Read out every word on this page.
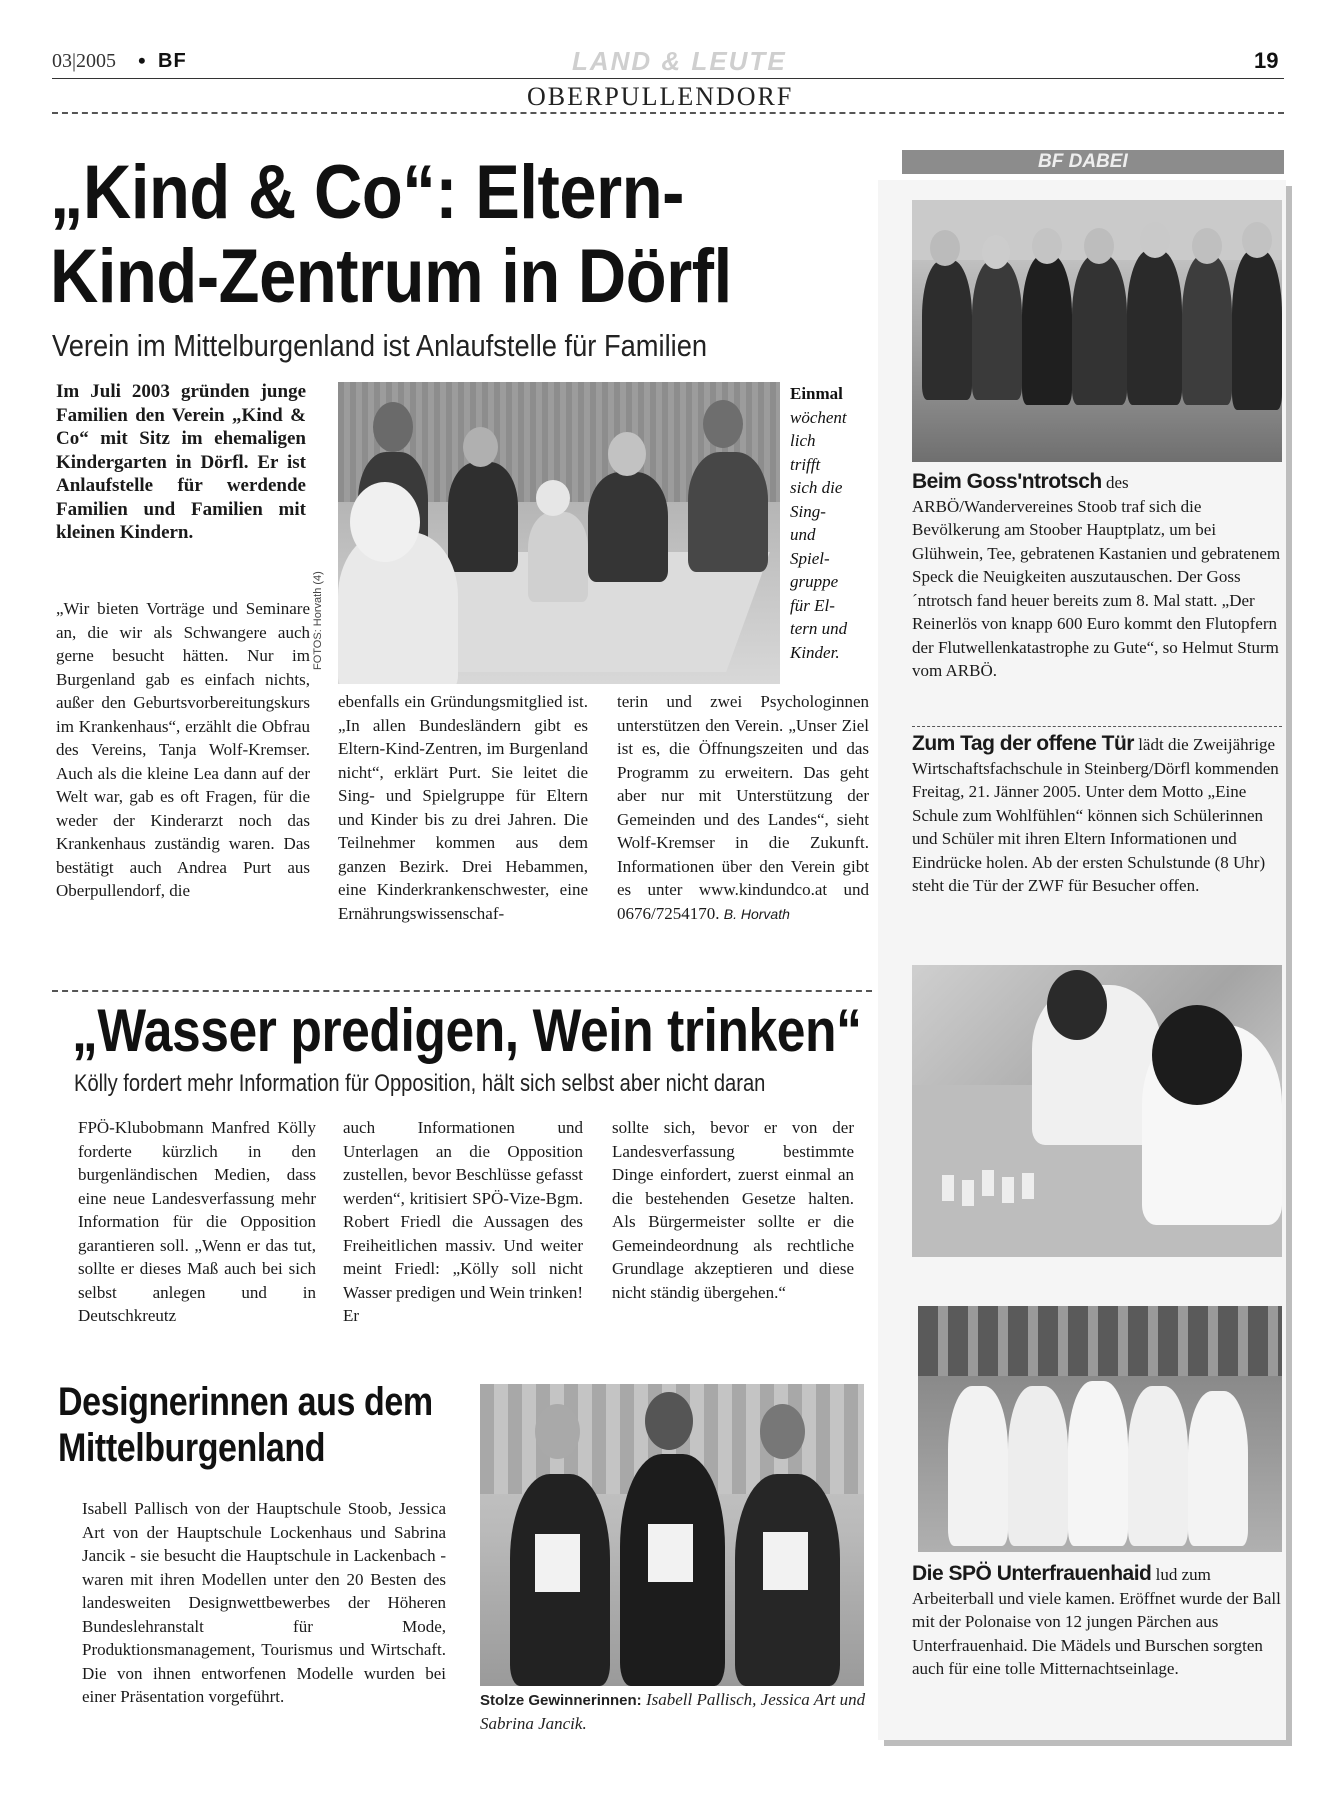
03|2005 • BF	LAND & LEUTE	19
OBERPULLENDORF
„Kind & Co“: Eltern-
Kind-Zentrum in Dörfl
Verein im Mittelburgenland ist Anlaufstelle für Familien
Im Juli 2003 gründen junge Familien den Verein „Kind & Co“ mit Sitz im ehemaligen Kindergarten in Dörfl. Er ist Anlaufstelle für werdende Familien und Familien mit kleinen Kindern.
„Wir bieten Vorträge und Seminare an, die wir als Schwangere auch gerne besucht hätten. Nur im Burgenland gab es einfach nichts, außer den Geburtsvorbereitungskurs im Krankenhaus“, erzählt die Obfrau des Vereins, Tanja Wolf-Kremser. Auch als die kleine Lea dann auf der Welt war, gab es oft Fragen, für die weder der Kinderarzt noch das Krankenhaus zuständig waren. Das bestätigt auch Andrea Purt aus Oberpullendorf, die
FOTOS: Horvath (4)
Einmal
wöchent
lich
trifft
sich die
Sing-
und
Spiel-
gruppe
für El-
tern und
Kinder.
ebenfalls ein Gründungsmitglied ist. „In allen Bundesländern gibt es Eltern-Kind-Zentren, im Burgenland nicht“, erklärt Purt. Sie leitet die Sing- und Spielgruppe für Eltern und Kinder bis zu drei Jahren. Die Teilnehmer kommen aus dem ganzen Bezirk. Drei Hebammen, eine Kinderkrankenschwester, eine Ernährungswissenschaf-
terin und zwei Psychologinnen unterstützen den Verein. „Unser Ziel ist es, die Öffnungszeiten und das Programm zu erweitern. Das geht aber nur mit Unterstützung der Gemeinden und des Landes“, sieht Wolf-Kremser in die Zukunft. Informationen über den Verein gibt es unter www.kindundco.at und 0676/7254170. B. Horvath
„Wasser predigen, Wein trinken“
Kölly fordert mehr Information für Opposition, hält sich selbst aber nicht daran
FPÖ-Klubobmann Manfred Kölly forderte kürzlich in den burgenländischen Medien, dass eine neue Landesverfassung mehr Information für die Opposition garantieren soll. „Wenn er das tut, sollte er dieses Maß auch bei sich selbst anlegen und in Deutschkreutz
auch Informationen und Unterlagen an die Opposition zustellen, bevor Beschlüsse gefasst werden“, kritisiert SPÖ-Vize-Bgm. Robert Friedl die Aussagen des Freiheitlichen massiv. Und weiter meint Friedl: „Kölly soll nicht Wasser predigen und Wein trinken! Er
sollte sich, bevor er von der Landesverfassung bestimmte Dinge einfordert, zuerst einmal an die bestehenden Gesetze halten. Als Bürgermeister sollte er die Gemeindeordnung als rechtliche Grundlage akzeptieren und diese nicht ständig übergehen.“
Designerinnen aus dem
Mittelburgenland
Isabell Pallisch von der Hauptschule Stoob, Jessica Art von der Hauptschule Lockenhaus und Sabrina Jancik - sie besucht die Hauptschule in Lackenbach - waren mit ihren Modellen unter den 20 Besten des landesweiten Designwettbewerbes der Höheren Bundeslehranstalt für Mode, Produktionsmanagement, Tourismus und Wirtschaft. Die von ihnen entworfenen Modelle wurden bei einer Präsentation vorgeführt.	Stolze Gewinnerinnen: Isabell Pallisch, Jessica Art und Sabrina Jancik.
BF DABEI
Beim Goss'ntrotsch des ARBÖ/Wandervereines Stoob traf sich die Bevölkerung am Stoober Hauptplatz, um bei Glühwein, Tee, gebratenen Kastanien und gebratenem Speck die Neuigkeiten auszutauschen. Der Goss´ntrotsch fand heuer bereits zum 8. Mal statt. „Der Reinerlös von knapp 600 Euro kommt den Flutopfern der Flutwellenkatastrophe zu Gute“, so Helmut Sturm vom ARBÖ.
Zum Tag der offene Tür lädt die Zweijährige Wirtschaftsfachschule in Steinberg/Dörfl kommenden Freitag, 21. Jänner 2005. Unter dem Motto „Eine Schule zum Wohlfühlen“ können sich Schülerinnen und Schüler mit ihren Eltern Informationen und Eindrücke holen. Ab der ersten Schulstunde (8 Uhr) steht die Tür der ZWF für Besucher offen.
Die SPÖ Unterfrauenhaid lud zum Arbeiterball und viele kamen. Eröffnet wurde der Ball mit der Polonaise von 12 jungen Pärchen aus Unterfrauenhaid. Die Mädels und Burschen sorgten auch für eine tolle Mitternachtseinlage.
